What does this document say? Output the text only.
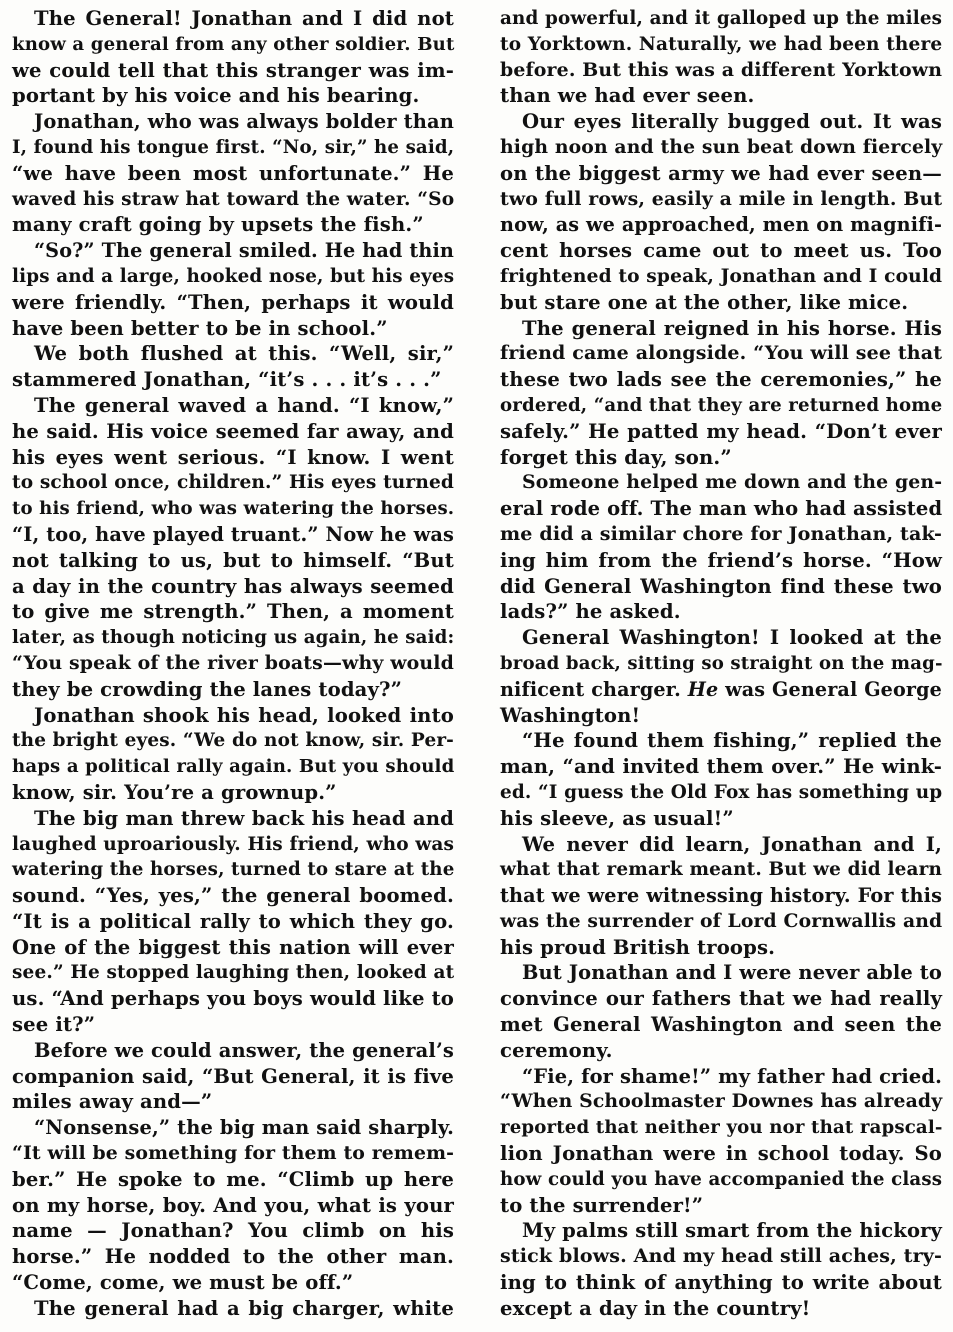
The General! Jonathan and I did not
know a general from any other soldier. But
we could tell that this stranger was im-
portant by his voice and his bearing.
Jonathan, who was always bolder than
I, found his tongue first. “No, sir,” he said,
“we have been most unfortunate.” He
waved his straw hat toward the water. “So
many craft going by upsets the fish.”
“So?” The general smiled. He had thin
lips and a large, hooked nose, but his eyes
were friendly. “Then, perhaps it would
have been better to be in school.”
We both flushed at this. “Well, sir,”
stammered Jonathan, “it’s . . . it’s . . .”
The general waved a hand. “I know,”
he said. His voice seemed far away, and
his eyes went serious. “I know. I went
to school once, children.” His eyes turned
to his friend, who was watering the horses.
“I, too, have played truant.” Now he was
not talking to us, but to himself. “But
a day in the country has always seemed
to give me strength.” Then, a moment
later, as though noticing us again, he said:
“You speak of the river boats—why would
they be crowding the lanes today?”
Jonathan shook his head, looked into
the bright eyes. “We do not know, sir. Per-
haps a political rally again. But you should
know, sir. You’re a grownup.”
The big man threw back his head and
laughed uproariously. His friend, who was
watering the horses, turned to stare at the
sound. “Yes, yes,” the general boomed.
“It is a political rally to which they go.
One of the biggest this nation will ever
see.” He stopped laughing then, looked at
us. “And perhaps you boys would like to
see it?”
Before we could answer, the general’s
companion said, “But General, it is five
miles away and—”
“Nonsense,” the big man said sharply.
“It will be something for them to remem-
ber.” He spoke to me. “Climb up here
on my horse, boy. And you, what is your
name — Jonathan? You climb on his
horse.” He nodded to the other man.
“Come, come, we must be off.”
The general had a big charger, white
and powerful, and it galloped up the miles
to Yorktown. Naturally, we had been there
before. But this was a different Yorktown
than we had ever seen.
Our eyes literally bugged out. It was
high noon and the sun beat down fiercely
on the biggest army we had ever seen—
two full rows, easily a mile in length. But
now, as we approached, men on magnifi-
cent horses came out to meet us. Too
frightened to speak, Jonathan and I could
but stare one at the other, like mice.
The general reigned in his horse. His
friend came alongside. “You will see that
these two lads see the ceremonies,” he
ordered, “and that they are returned home
safely.” He patted my head. “Don’t ever
forget this day, son.”
Someone helped me down and the gen-
eral rode off. The man who had assisted
me did a similar chore for Jonathan, tak-
ing him from the friend’s horse. “How
did General Washington find these two
lads?” he asked.
General Washington! I looked at the
broad back, sitting so straight on the mag-
nificent charger. He was General George
Washington!
“He found them fishing,” replied the
man, “and invited them over.” He wink-
ed. “I guess the Old Fox has something up
his sleeve, as usual!”
We never did learn, Jonathan and I,
what that remark meant. But we did learn
that we were witnessing history. For this
was the surrender of Lord Cornwallis and
his proud British troops.
But Jonathan and I were never able to
convince our fathers that we had really
met General Washington and seen the
ceremony.
“Fie, for shame!” my father had cried.
“When Schoolmaster Downes has already
reported that neither you nor that rapscal-
lion Jonathan were in school today. So
how could you have accompanied the class
to the surrender!”
My palms still smart from the hickory
stick blows. And my head still aches, try-
ing to think of anything to write about
except a day in the country!
